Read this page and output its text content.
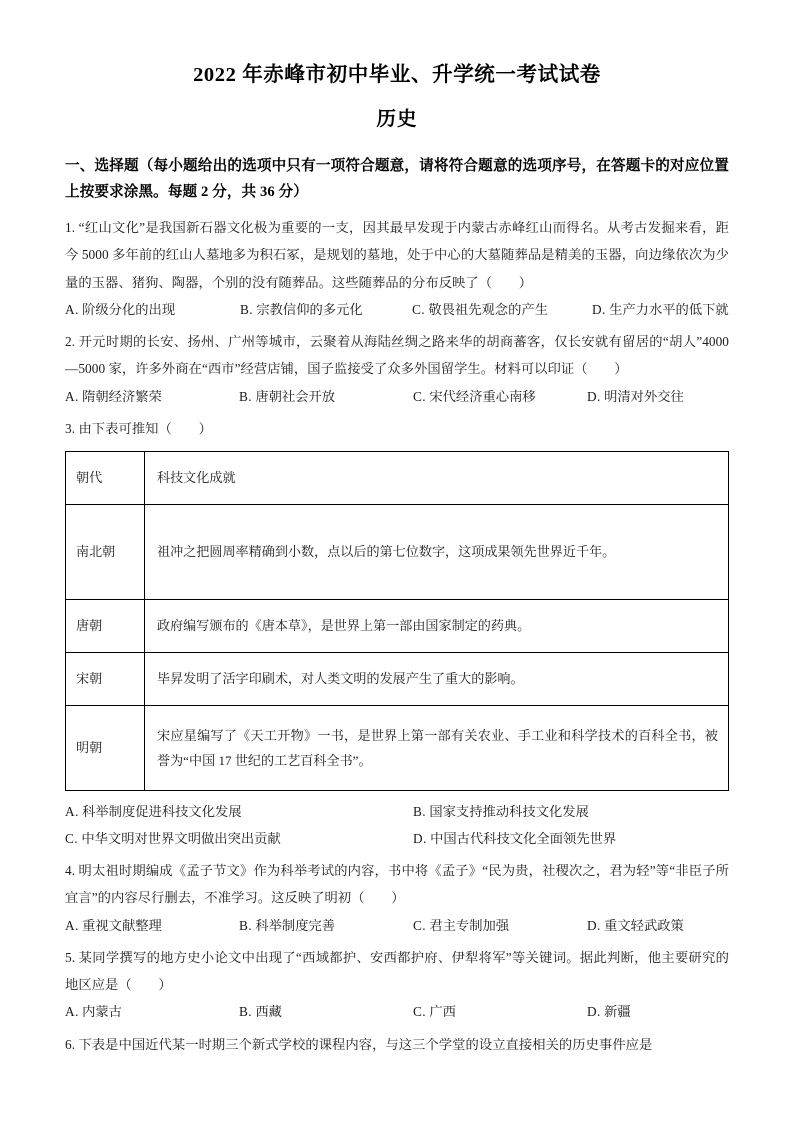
2022 年赤峰市初中毕业、升学统一考试试卷
历史

一、选择题（每小题给出的选项中只有一项符合题意，请将符合题意的选项序号，在答题卡的对应位置上按要求涂黑。每题 2 分，共 36 分）

1. “红山文化”是我国新石器文化极为重要的一支，因其最早发现于内蒙古赤峰红山而得名。从考古发掘来看，距今 5000 多年前的红山人墓地多为积石冢，是规划的墓地，处于中心的大墓随葬品是精美的玉器，向边缘依次为少量的玉器、猪狗、陶器，个别的没有随葬品。这些随葬品的分布反映了（　　）
A. 阶级分化的出现	B. 宗教信仰的多元化	C. 敬畏祖先观念的产生	D. 生产力水平的低下就
2. 开元时期的长安、扬州、广州等城市，云聚着从海陆丝绸之路来华的胡商蕃客，仅长安就有留居的“胡人”4000—5000 家，许多外商在“西市”经营店铺，国子监接受了众多外国留学生。材料可以印证（　　）
A. 隋朝经济繁荣	B. 唐朝社会开放	C. 宋代经济重心南移	D. 明清对外交往
3. 由下表可推知（　　）
朝代	科技文化成就
南北朝	祖冲之把圆周率精确到小数，点以后的第七位数字，这项成果领先世界近千年。
唐朝	政府编写颁布的《唐本草》，是世界上第一部由国家制定的药典。
宋朝	毕昇发明了活字印刷术，对人类文明的发展产生了重大的影响。
明朝	宋应星编写了《天工开物》一书，是世界上第一部有关农业、手工业和科学技术的百科全书，被誉为“中国 17 世纪的工艺百科全书”。
A. 科举制度促进科技文化发展	B. 国家支持推动科技文化发展
C. 中华文明对世界文明做出突出贡献	D. 中国古代科技文化全面领先世界
4. 明太祖时期编成《孟子节文》作为科举考试的内容，书中将《孟子》“民为贵，社稷次之，君为轻”等“非臣子所宜言”的内容尽行删去，不准学习。这反映了明初（　　）
A. 重视文献整理	B. 科举制度完善	C. 君主专制加强	D. 重文轻武政策
5. 某同学撰写的地方史小论文中出现了“西域都护、安西都护府、伊犁将军”等关键词。据此判断，他主要研究的地区应是（　　）
A. 内蒙古	B. 西藏	C. 广西	D. 新疆
6. 下表是中国近代某一时期三个新式学校的课程内容，与这三个学堂的设立直接相关的历史事件应是
